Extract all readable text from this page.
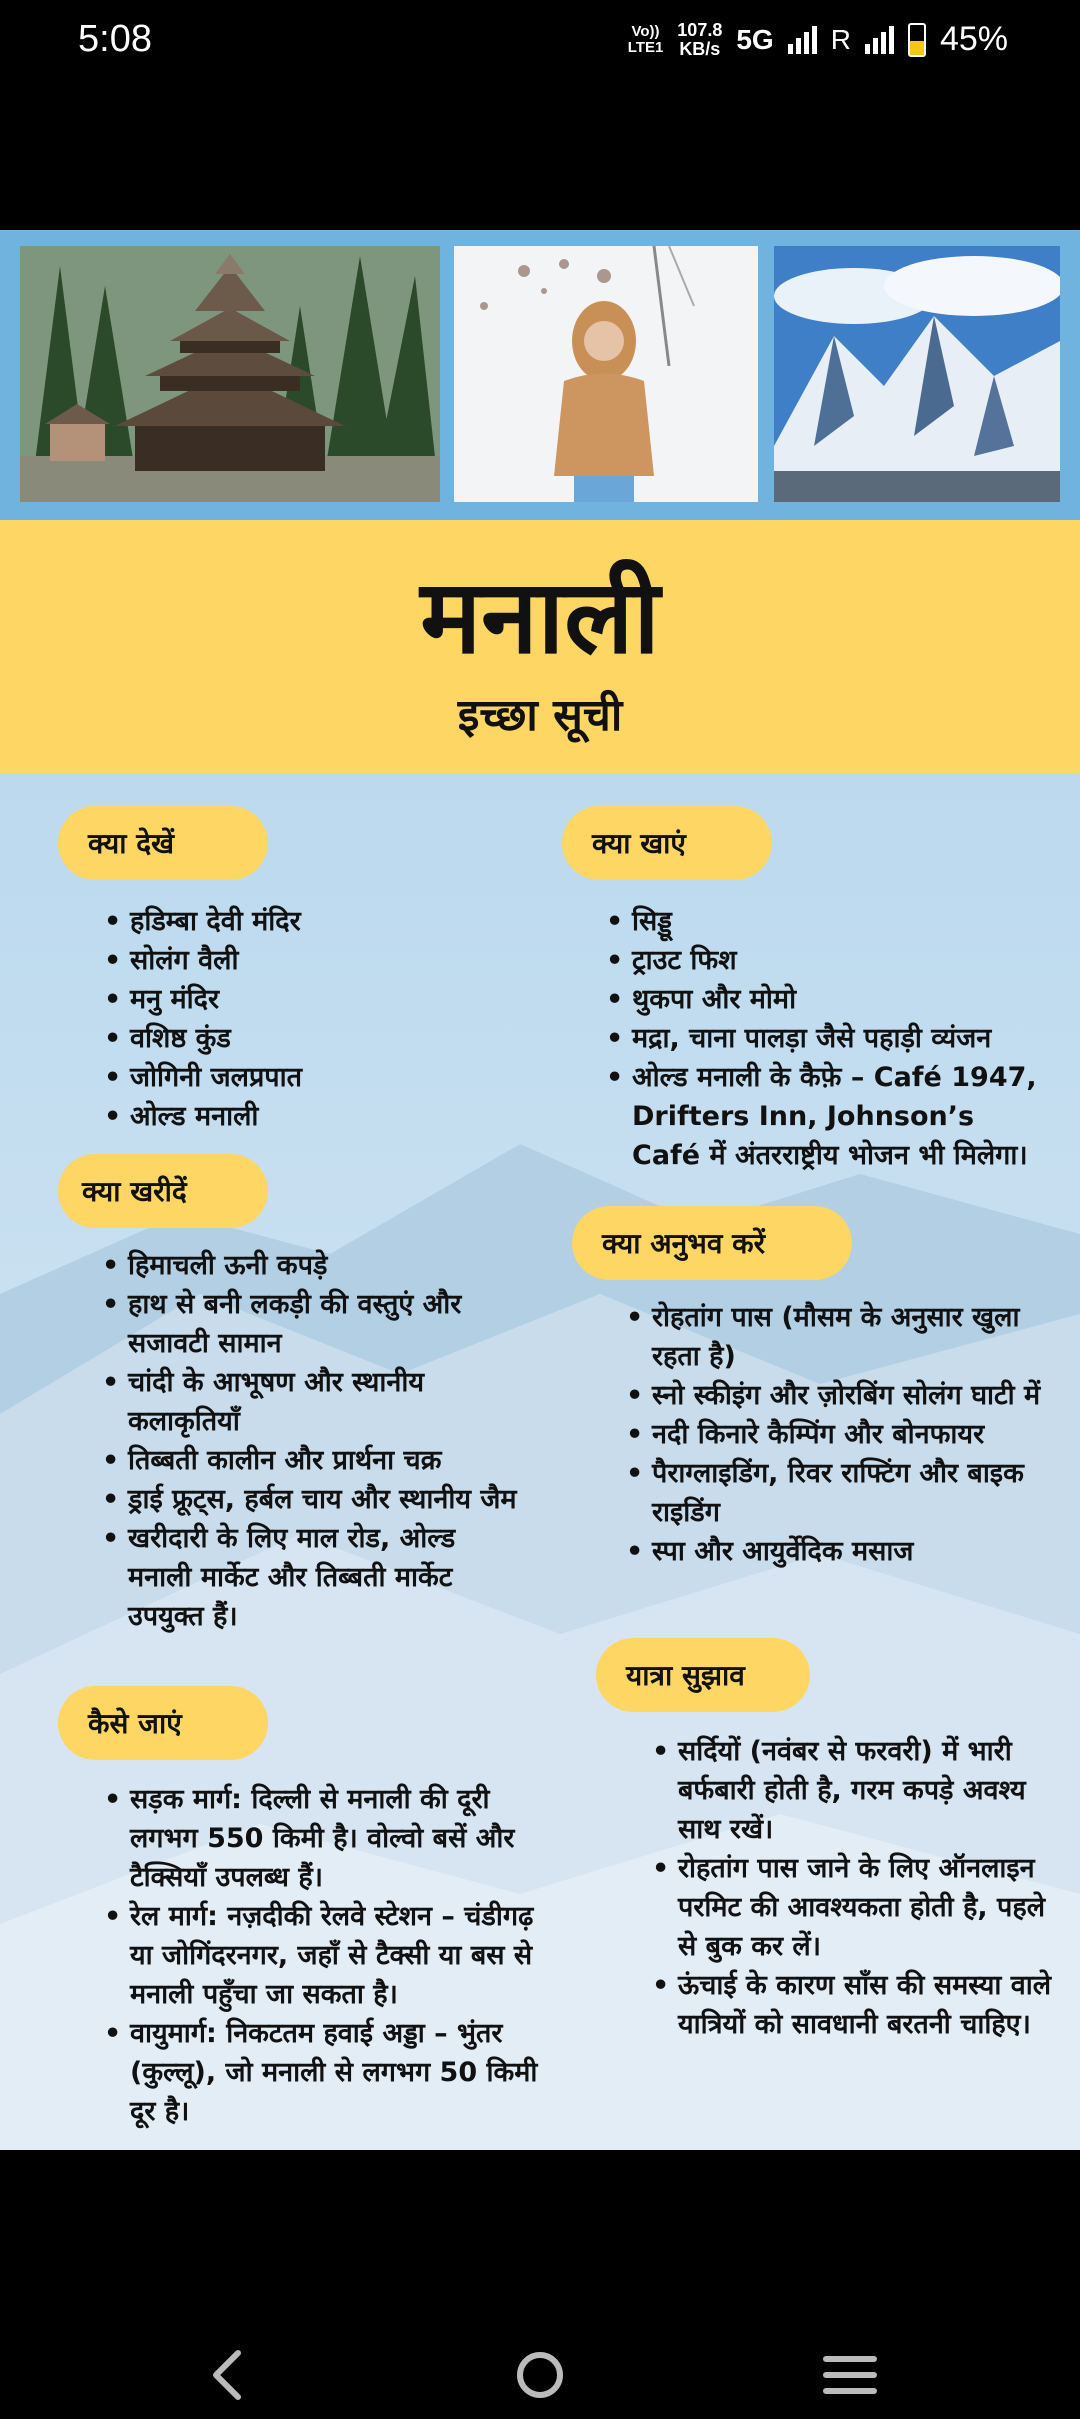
5:08	Vo))
LTE1
107.8
KB/s 5G R	45%
मनाली
इच्छा सूची
क्या देखें
• हडिम्बा देवी मंदिर
• सोलंग वैली
• मनु मंदिर
• वशिष्ठ कुंड
• जोगिनी जलप्रपात
• ओल्ड मनाली
क्या खरीदें
• हिमाचली ऊनी कपड़े
• हाथ से बनी लकड़ी की वस्तुएं और सजावटी सामान
• चांदी के आभूषण और स्थानीय कलाकृतियाँ
• तिब्बती कालीन और प्रार्थना चक्र
• ड्राई फ्रूट्स, हर्बल चाय और स्थानीय जैम
• खरीदारी के लिए माल रोड, ओल्ड मनाली मार्केट और तिब्बती मार्केट उपयुक्त हैं।
कैसे जाएं
• सड़क मार्ग: दिल्ली से मनाली की दूरी लगभग 550 किमी है। वोल्वो बसें और टैक्सियाँ उपलब्ध हैं।
• रेल मार्ग: नज़दीकी रेलवे स्टेशन – चंडीगढ़ या जोगिंदरनगर, जहाँ से टैक्सी या बस से मनाली पहुँचा जा सकता है।
• वायुमार्ग: निकटतम हवाई अड्डा – भुंतर (कुल्लू), जो मनाली से लगभग 50 किमी दूर है।
क्या खाएं
• सिड्डू
• ट्राउट फिश
• थुकपा और मोमो
• मद्रा, चाना पालड़ा जैसे पहाड़ी व्यंजन
• ओल्ड मनाली के कैफ़े – Café 1947, Drifters Inn, Johnson’s Café में अंतरराष्ट्रीय भोजन भी मिलेगा।
क्या अनुभव करें
• रोहतांग पास (मौसम के अनुसार खुला रहता है)
• स्नो स्कीइंग और ज़ोरबिंग सोलंग घाटी में
• नदी किनारे कैम्पिंग और बोनफायर
• पैराग्लाइडिंग, रिवर राफ्टिंग और बाइक राइडिंग
• स्पा और आयुर्वेदिक मसाज
यात्रा सुझाव
• सर्दियों (नवंबर से फरवरी) में भारी बर्फबारी होती है, गरम कपड़े अवश्य साथ रखें।
• रोहतांग पास जाने के लिए ऑनलाइन परमिट की आवश्यकता होती है, पहले से बुक कर लें।
• ऊंचाई के कारण साँस की समस्या वाले यात्रियों को सावधानी बरतनी चाहिए।
